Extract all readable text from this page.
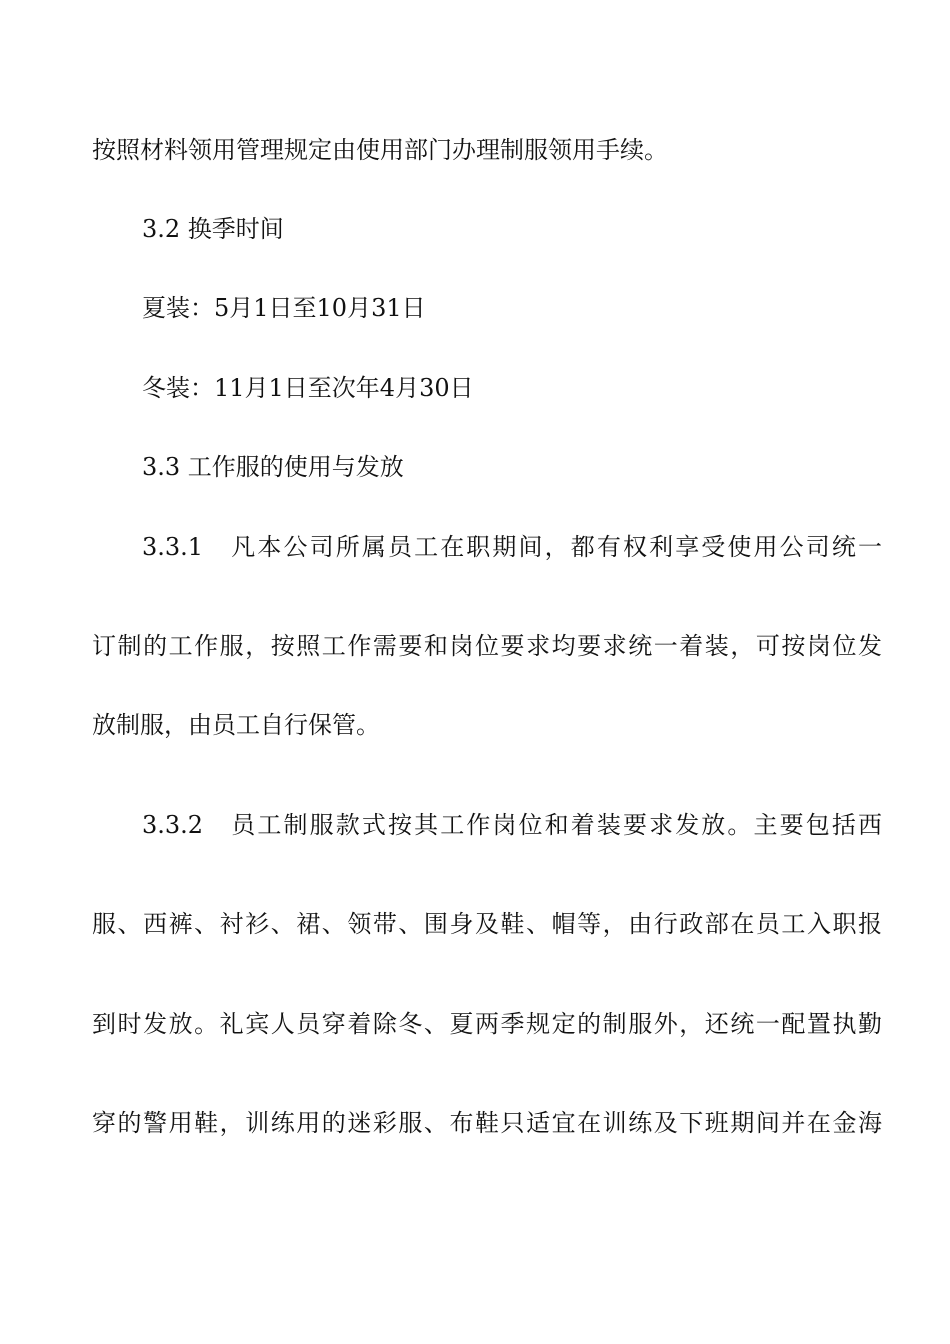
按照材料领用管理规定由使用部门办理制服领用手续。
3.2 换季时间
夏装：5月1日至10月31日
冬装：11月1日至次年4月30日
3.3 工作服的使用与发放
3.3.1　凡本公司所属员工在职期间，都有权利享受使用公司统一
订制的工作服，按照工作需要和岗位要求均要求统一着装，可按岗位发
放制服，由员工自行保管。
3.3.2　员工制服款式按其工作岗位和着装要求发放。主要包括西
服、西裤、衬衫、裙、领带、围身及鞋、帽等，由行政部在员工入职报
到时发放。礼宾人员穿着除冬、夏两季规定的制服外，还统一配置执勤
穿的警用鞋，训练用的迷彩服、布鞋只适宜在训练及下班期间并在金海
